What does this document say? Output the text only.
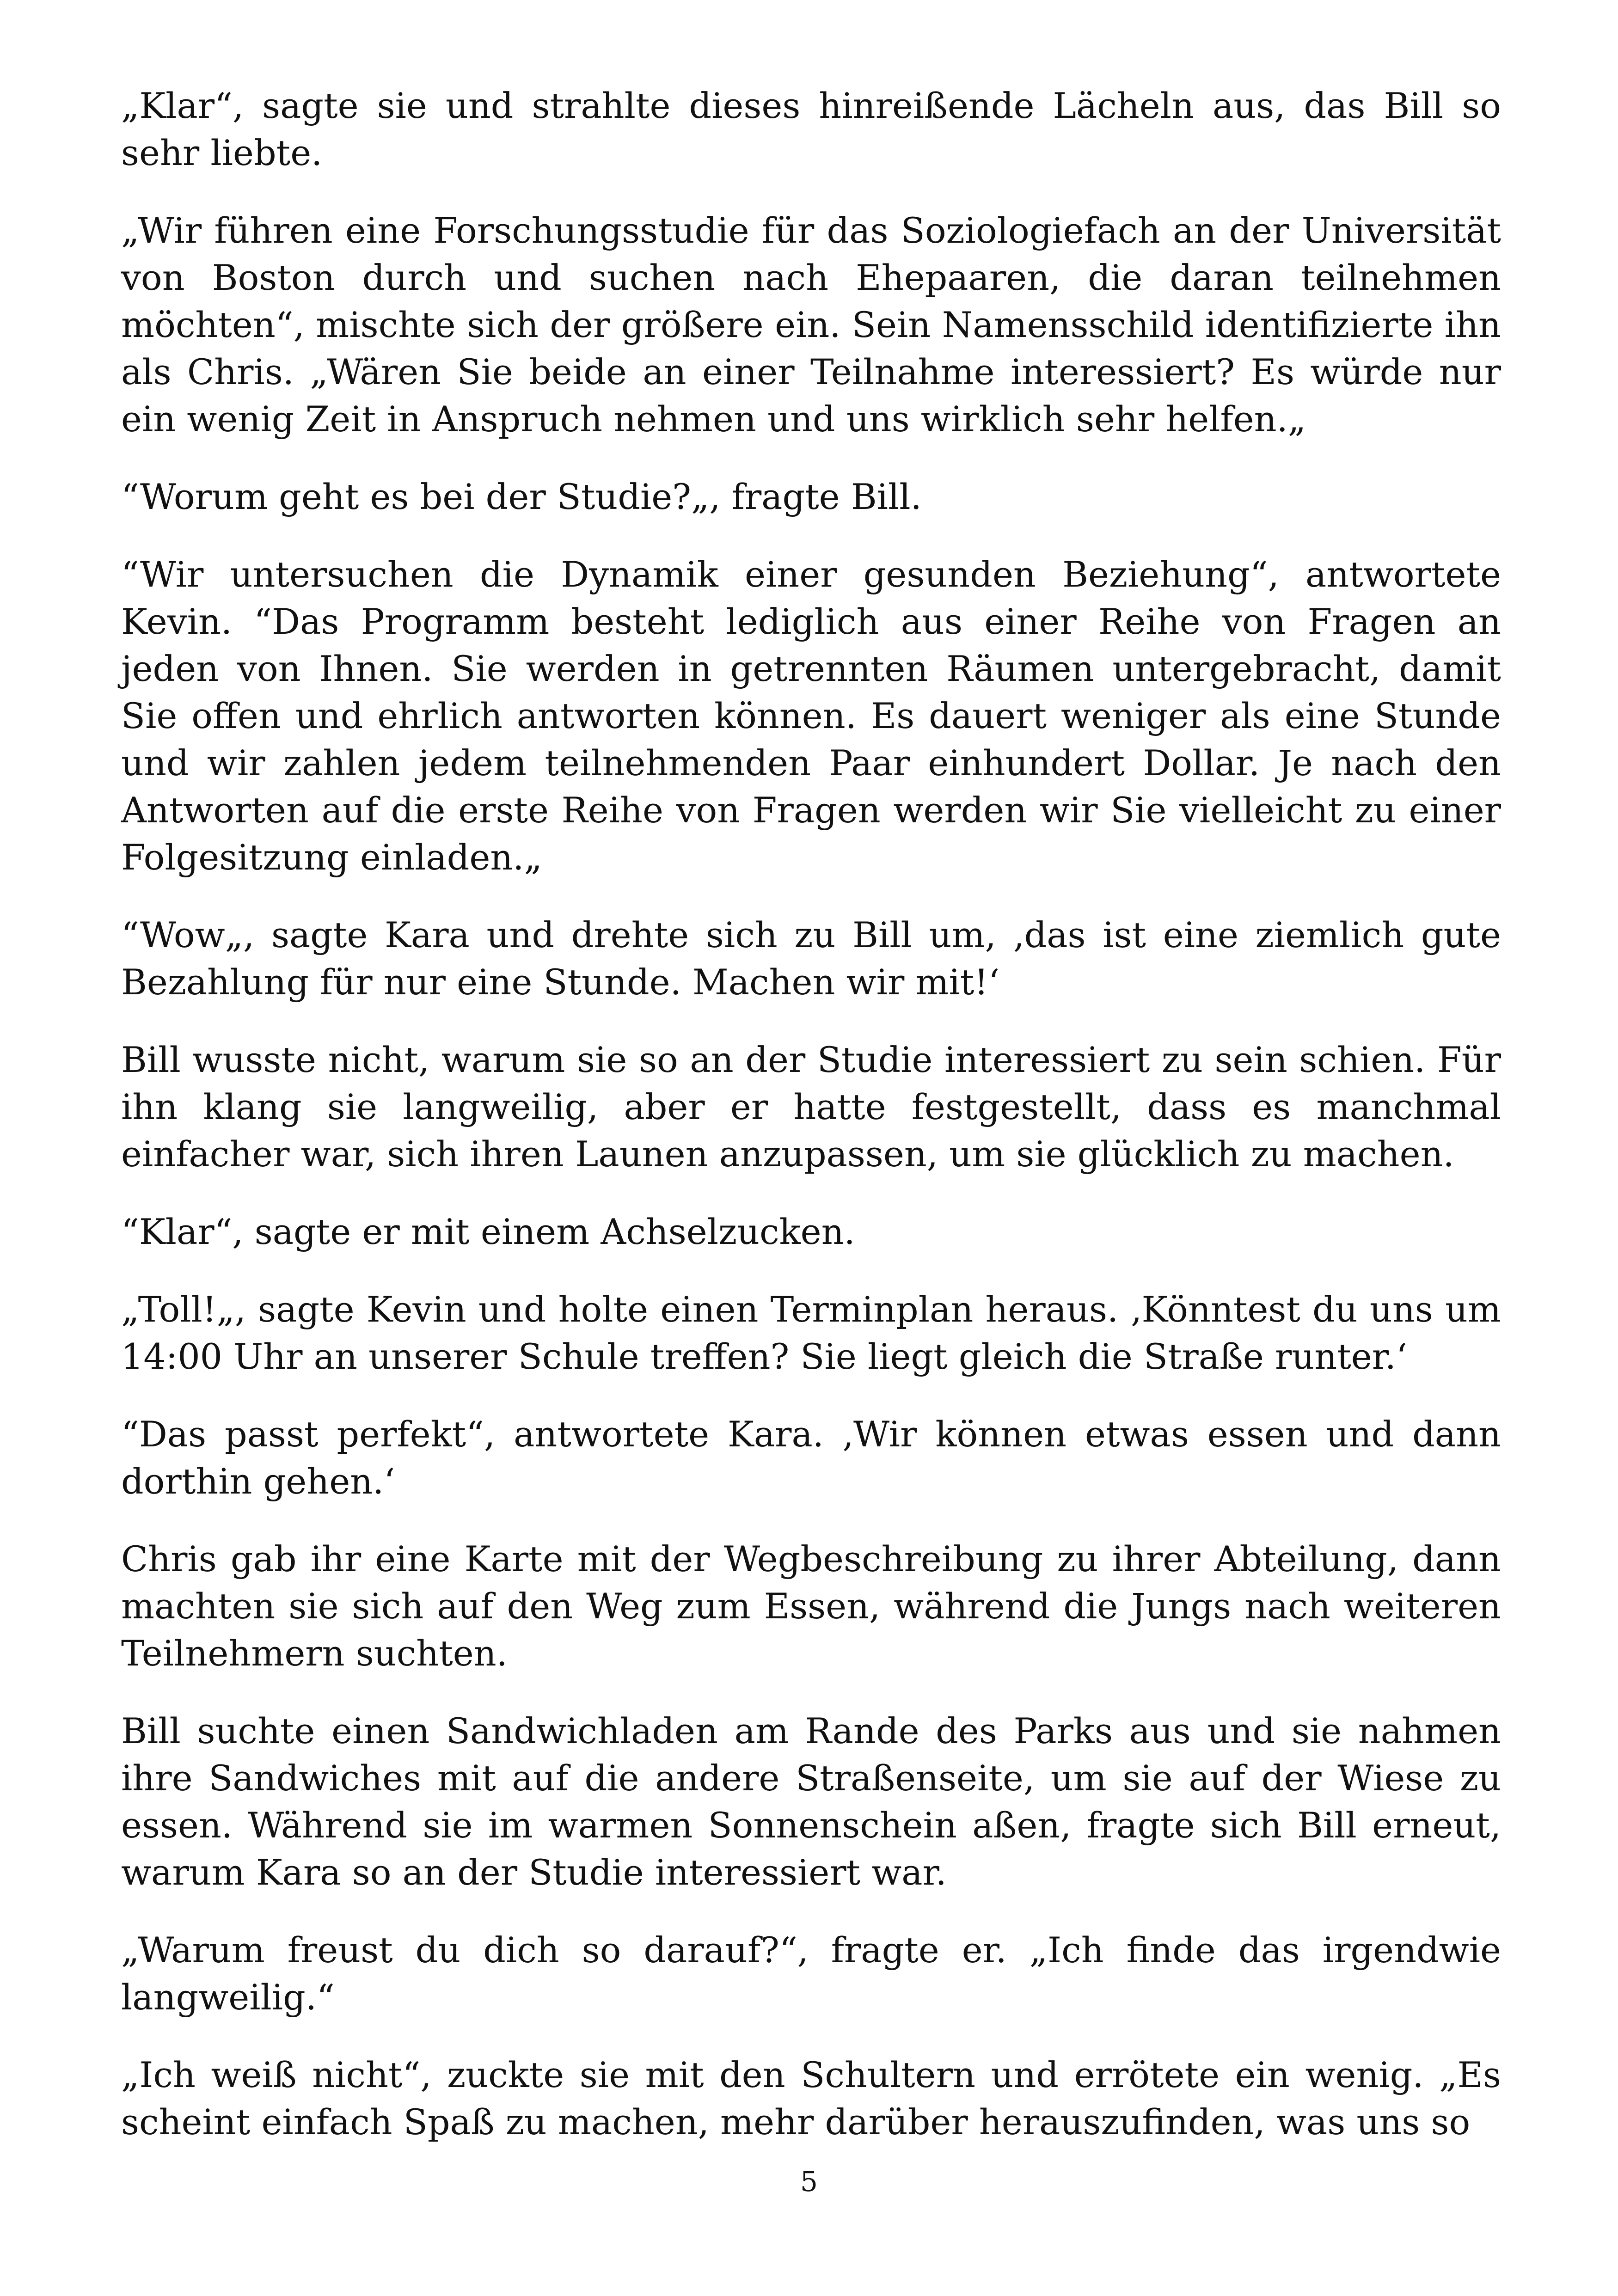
„Klar“, sagte sie und strahlte dieses hinreißende Lächeln aus, das Bill so sehr liebte.

„Wir führen eine Forschungsstudie für das Soziologiefach an der Universität von Boston durch und suchen nach Ehepaaren, die daran teilnehmen möchten“, mischte sich der größere ein. Sein Namensschild identifizierte ihn als Chris. „Wären Sie beide an einer Teilnahme interessiert? Es würde nur ein wenig Zeit in Anspruch nehmen und uns wirklich sehr helfen.„

“Worum geht es bei der Studie?„, fragte Bill.

“Wir untersuchen die Dynamik einer gesunden Beziehung“, antwortete Kevin. “Das Programm besteht lediglich aus einer Reihe von Fragen an jeden von Ihnen. Sie werden in getrennten Räumen untergebracht, damit Sie offen und ehrlich antworten können. Es dauert weniger als eine Stunde und wir zahlen jedem teilnehmenden Paar einhundert Dollar. Je nach den Antworten auf die erste Reihe von Fragen werden wir Sie vielleicht zu einer Folgesitzung einladen.„

“Wow„, sagte Kara und drehte sich zu Bill um, ‚das ist eine ziemlich gute Bezahlung für nur eine Stunde. Machen wir mit!‘

Bill wusste nicht, warum sie so an der Studie interessiert zu sein schien. Für ihn klang sie langweilig, aber er hatte festgestellt, dass es manchmal einfacher war, sich ihren Launen anzupassen, um sie glücklich zu machen.

“Klar“, sagte er mit einem Achselzucken.

„Toll!„, sagte Kevin und holte einen Terminplan heraus. ‚Könntest du uns um 14:00 Uhr an unserer Schule treffen? Sie liegt gleich die Straße runter.‘

“Das passt perfekt“, antwortete Kara. ‚Wir können etwas essen und dann dorthin gehen.‘

Chris gab ihr eine Karte mit der Wegbeschreibung zu ihrer Abteilung, dann machten sie sich auf den Weg zum Essen, während die Jungs nach weiteren Teilnehmern suchten.

Bill suchte einen Sandwichladen am Rande des Parks aus und sie nahmen ihre Sandwiches mit auf die andere Straßenseite, um sie auf der Wiese zu essen. Während sie im warmen Sonnenschein aßen, fragte sich Bill erneut, warum Kara so an der Studie interessiert war.

„Warum freust du dich so darauf?“, fragte er. „Ich finde das irgendwie langweilig.“

„Ich weiß nicht“, zuckte sie mit den Schultern und errötete ein wenig. „Es scheint einfach Spaß zu machen, mehr darüber herauszufinden, was uns so

5
